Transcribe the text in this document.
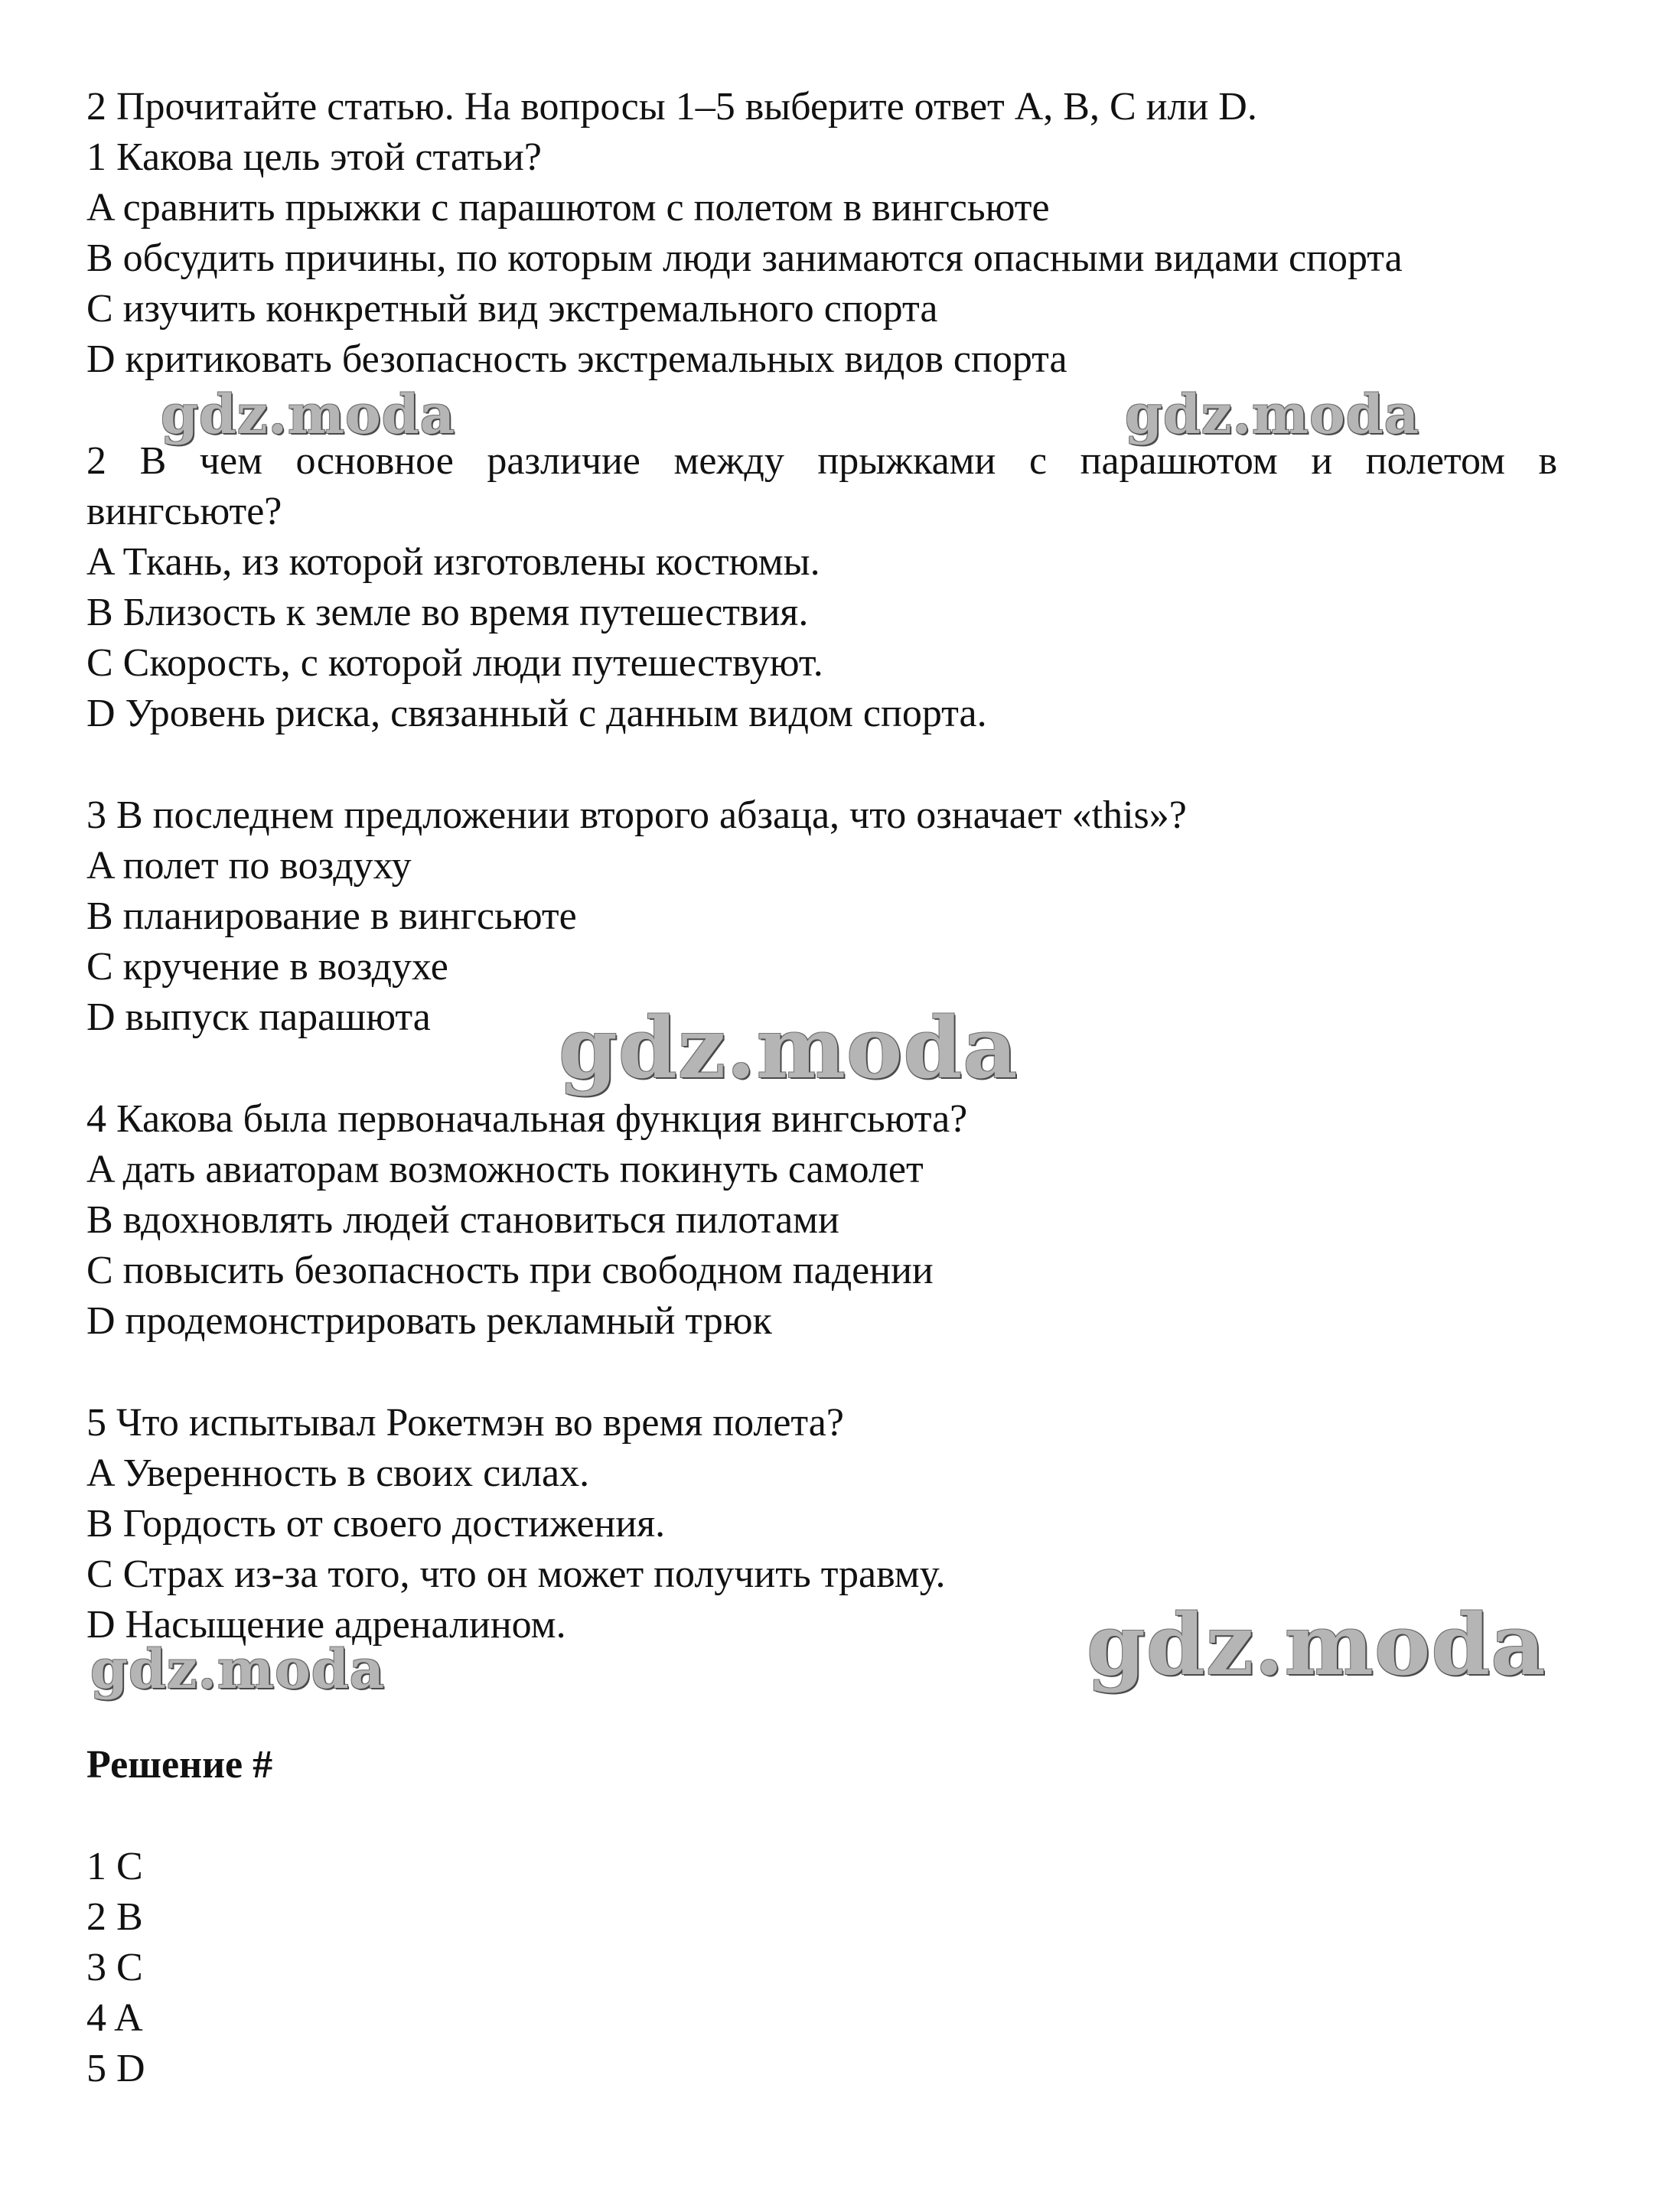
2 Прочитайте статью. На вопросы 1–5 выберите ответ A, B, C или D.
1 Какова цель этой статьи?
A сравнить прыжки с парашютом с полетом в вингсьюте
B обсудить причины, по которым люди занимаются опасными видами спорта
C изучить конкретный вид экстремального спорта
D критиковать безопасность экстремальных видов спорта
2 В чем основное различие между прыжками с парашютом и полетом в
вингсьюте?
A Ткань, из которой изготовлены костюмы.
B Близость к земле во время путешествия.
C Скорость, с которой люди путешествуют.
D Уровень риска, связанный с данным видом спорта.
3 В последнем предложении второго абзаца, что означает «this»?
A полет по воздуху
B планирование в вингсьюте
C кручение в воздухе
D выпуск парашюта
4 Какова была первоначальная функция вингсьюта?
A дать авиаторам возможность покинуть самолет
B вдохновлять людей становиться пилотами
C повысить безопасность при свободном падении
D продемонстрировать рекламный трюк
5 Что испытывал Рокетмэн во время полета?
A Уверенность в своих силах.
B Гордость от своего достижения.
C Страх из-за того, что он может получить травму.
D Насыщение адреналином.
Решение #
1 C
2 B
3 C
4 A
5 D
gdz.moda	gdz.moda
gdz.moda
gdz.moda
gdz.moda
